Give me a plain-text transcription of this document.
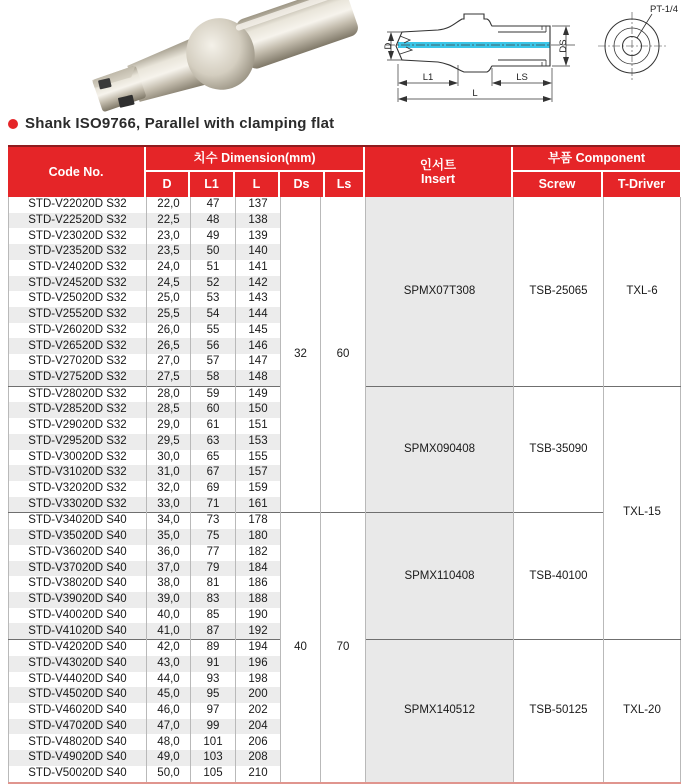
D	DS
L1	LS
L
PT-1/4
Shank ISO9766, Parallel with clamping flat
Code No.
치수 Dimension(mm)	인서트
Insert
부품 Component
D	L1	L	Ds	Ls	Screw	T-Driver
STD-V22020D S32	22,0	47	137	32	60	SPMX07T308	TSB-25065	TXL-6
STD-V22520D S32	22,5	48	138					
STD-V23020D S32	23,0	49	139					
STD-V23520D S32	23,5	50	140					
STD-V24020D S32	24,0	51	141					
STD-V24520D S32	24,5	52	142					
STD-V25020D S32	25,0	53	143					
STD-V25520D S32	25,5	54	144					
STD-V26020D S32	26,0	55	145					
STD-V26520D S32	26,5	56	146					
STD-V27020D S32	27,0	57	147					
STD-V27520D S32	27,5	58	148					
STD-V28020D S32	28,0	59	149			SPMX090408	TSB-35090	TXL-15
STD-V28520D S32	28,5	60	150					
STD-V29020D S32	29,0	61	151					
STD-V29520D S32	29,5	63	153					
STD-V30020D S32	30,0	65	155					
STD-V31020D S32	31,0	67	157					
STD-V32020D S32	32,0	69	159					
STD-V33020D S32	33,0	71	161					
STD-V34020D S40	34,0	73	178	40	70	SPMX110408	TSB-40100	
STD-V35020D S40	35,0	75	180					
STD-V36020D S40	36,0	77	182					
STD-V37020D S40	37,0	79	184					
STD-V38020D S40	38,0	81	186					
STD-V39020D S40	39,0	83	188					
STD-V40020D S40	40,0	85	190					
STD-V41020D S40	41,0	87	192					
STD-V42020D S40	42,0	89	194			SPMX140512	TSB-50125	TXL-20
STD-V43020D S40	43,0	91	196					
STD-V44020D S40	44,0	93	198					
STD-V45020D S40	45,0	95	200					
STD-V46020D S40	46,0	97	202					
STD-V47020D S40	47,0	99	204					
STD-V48020D S40	48,0	101	206					
STD-V49020D S40	49,0	103	208					
STD-V50020D S40	50,0	105	210					
